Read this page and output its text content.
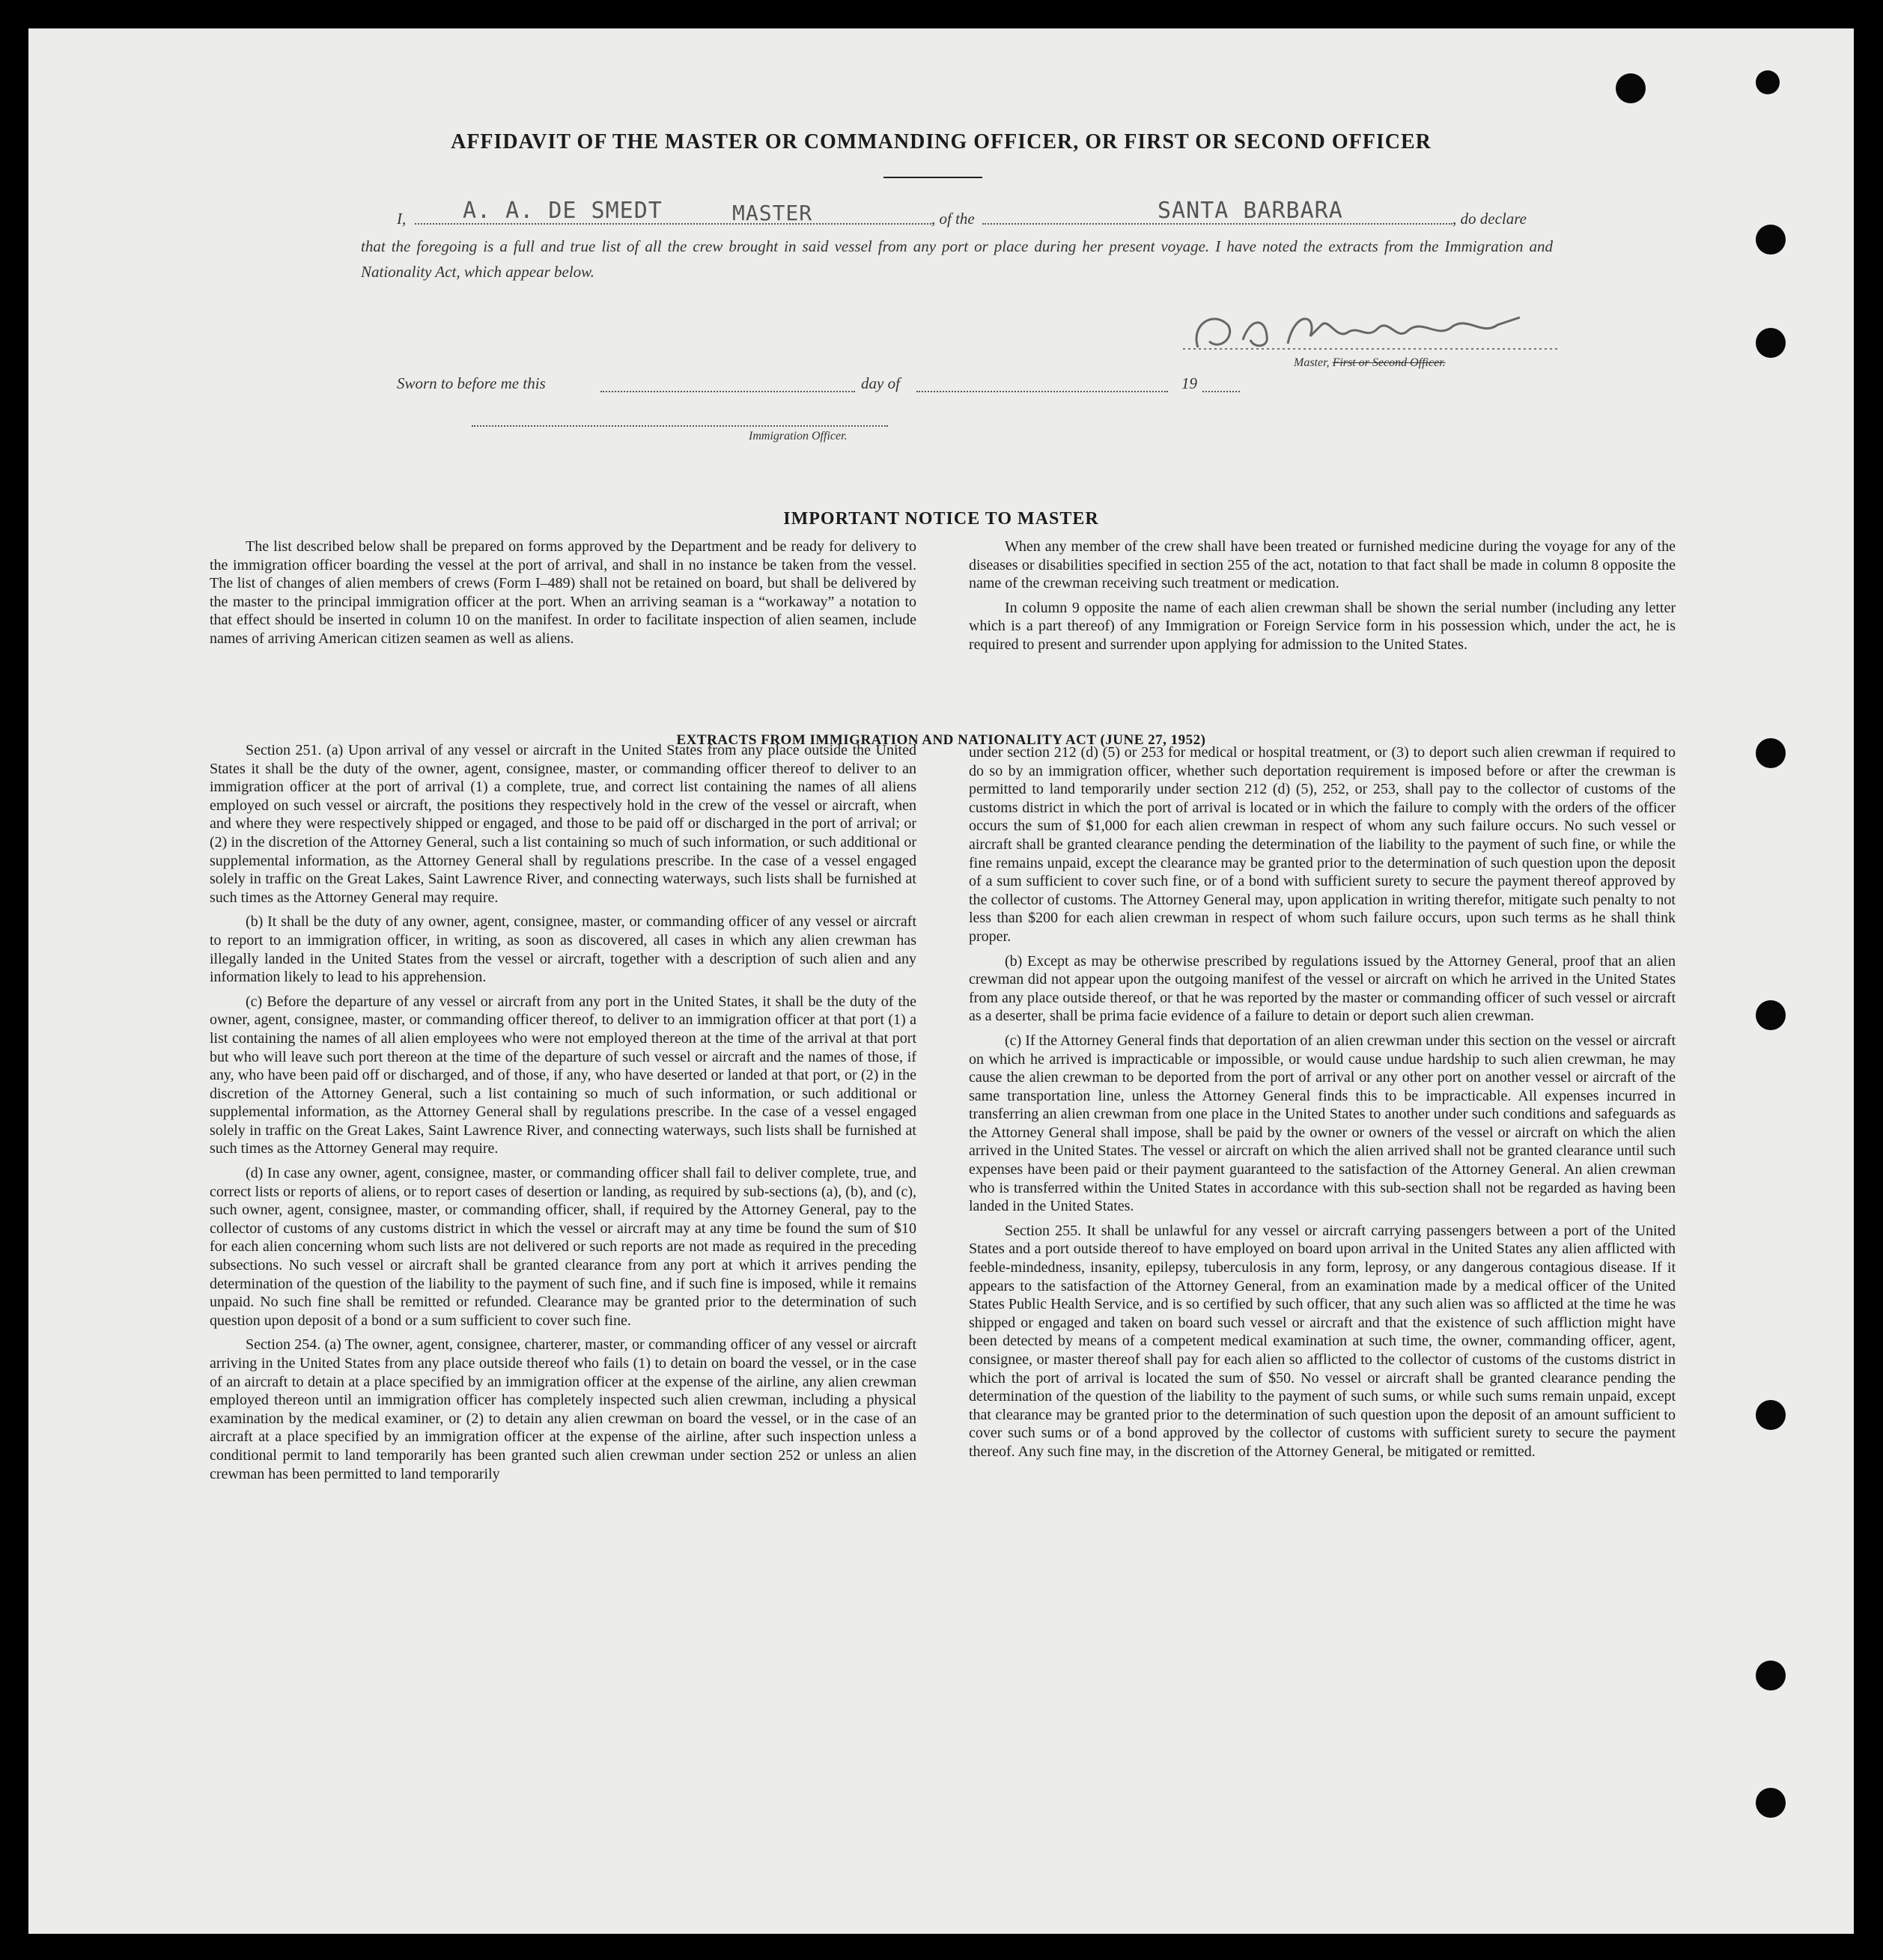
AFFIDAVIT OF THE MASTER OR COMMANDING OFFICER, OR FIRST OR SECOND OFFICER
I,	A. A. DE SMEDT	MASTER	, of the	SANTA BARBARA	, do declare
that the foregoing is a full and true list of all the crew brought in said vessel from any port or place during her present voyage. I have noted the extracts from the Immigration and Nationality Act, which appear below.
Master, First or Second Officer.
Sworn to before me this	day of	19
Immigration Officer.
IMPORTANT NOTICE TO MASTER

The list described below shall be prepared on forms approved by the Department and be ready for delivery to the immigration officer boarding the vessel at the port of arrival, and shall in no instance be taken from the vessel. The list of changes of alien members of crews (Form I–489) shall not be retained on board, but shall be delivered by the master to the principal immigration officer at the port. When an arriving seaman is a “workaway” a notation to that effect should be inserted in column 10 on the manifest. In order to facilitate inspection of alien seamen, include names of arriving American citizen seamen as well as aliens.

When any member of the crew shall have been treated or furnished medicine during the voyage for any of the diseases or disabilities specified in section 255 of the act, notation to that fact shall be made in column 8 opposite the name of the crewman receiving such treatment or medication.

In column 9 opposite the name of each alien crewman shall be shown the serial number (including any letter which is a part thereof) of any Immigration or Foreign Service form in his possession which, under the act, he is required to present and surrender upon applying for admission to the United States.

EXTRACTS FROM IMMIGRATION AND NATIONALITY ACT (JUNE 27, 1952)

Section 251. (a) Upon arrival of any vessel or aircraft in the United States from any place outside the United States it shall be the duty of the owner, agent, consignee, master, or commanding officer thereof to deliver to an immigration officer at the port of arrival (1) a complete, true, and correct list containing the names of all aliens employed on such vessel or aircraft, the positions they respectively hold in the crew of the vessel or aircraft, when and where they were respectively shipped or engaged, and those to be paid off or discharged in the port of arrival; or (2) in the discretion of the Attorney General, such a list containing so much of such information, or such additional or supplemental information, as the Attorney General shall by regulations prescribe. In the case of a vessel engaged solely in traffic on the Great Lakes, Saint Lawrence River, and connecting waterways, such lists shall be furnished at such times as the Attorney General may require.

(b) It shall be the duty of any owner, agent, consignee, master, or commanding officer of any vessel or aircraft to report to an immigration officer, in writing, as soon as discovered, all cases in which any alien crewman has illegally landed in the United States from the vessel or aircraft, together with a description of such alien and any information likely to lead to his apprehension.

(c) Before the departure of any vessel or aircraft from any port in the United States, it shall be the duty of the owner, agent, consignee, master, or commanding officer thereof, to deliver to an immigration officer at that port (1) a list containing the names of all alien employees who were not employed thereon at the time of the arrival at that port but who will leave such port thereon at the time of the departure of such vessel or aircraft and the names of those, if any, who have been paid off or discharged, and of those, if any, who have deserted or landed at that port, or (2) in the discretion of the Attorney General, such a list containing so much of such information, or such additional or supplemental information, as the Attorney General shall by regulations prescribe. In the case of a vessel engaged solely in traffic on the Great Lakes, Saint Lawrence River, and connecting waterways, such lists shall be furnished at such times as the Attorney General may require.

(d) In case any owner, agent, consignee, master, or commanding officer shall fail to deliver complete, true, and correct lists or reports of aliens, or to report cases of desertion or landing, as required by sub-sections (a), (b), and (c), such owner, agent, consignee, master, or commanding officer, shall, if required by the Attorney General, pay to the collector of customs of any customs district in which the vessel or aircraft may at any time be found the sum of $10 for each alien concerning whom such lists are not delivered or such reports are not made as required in the preceding subsections. No such vessel or aircraft shall be granted clearance from any port at which it arrives pending the determination of the question of the liability to the payment of such fine, and if such fine is imposed, while it remains unpaid. No such fine shall be remitted or refunded. Clearance may be granted prior to the determination of such question upon deposit of a bond or a sum sufficient to cover such fine.

Section 254. (a) The owner, agent, consignee, charterer, master, or commanding officer of any vessel or aircraft arriving in the United States from any place outside thereof who fails (1) to detain on board the vessel, or in the case of an aircraft to detain at a place specified by an immigration officer at the expense of the airline, any alien crewman employed thereon until an immigration officer has completely inspected such alien crewman, including a physical examination by the medical examiner, or (2) to detain any alien crewman on board the vessel, or in the case of an aircraft at a place specified by an immigration officer at the expense of the airline, after such inspection unless a conditional permit to land temporarily has been granted such alien crewman under section 252 or unless an alien crewman has been permitted to land temporarily

under section 212 (d) (5) or 253 for medical or hospital treatment, or (3) to deport such alien crewman if required to do so by an immigration officer, whether such deportation requirement is imposed before or after the crewman is permitted to land temporarily under section 212 (d) (5), 252, or 253, shall pay to the collector of customs of the customs district in which the port of arrival is located or in which the failure to comply with the orders of the officer occurs the sum of $1,000 for each alien crewman in respect of whom any such failure occurs. No such vessel or aircraft shall be granted clearance pending the determination of the liability to the payment of such fine, or while the fine remains unpaid, except the clearance may be granted prior to the determination of such question upon the deposit of a sum sufficient to cover such fine, or of a bond with sufficient surety to secure the payment thereof approved by the collector of customs. The Attorney General may, upon application in writing therefor, mitigate such penalty to not less than $200 for each alien crewman in respect of whom such failure occurs, upon such terms as he shall think proper.

(b) Except as may be otherwise prescribed by regulations issued by the Attorney General, proof that an alien crewman did not appear upon the outgoing manifest of the vessel or aircraft on which he arrived in the United States from any place outside thereof, or that he was reported by the master or commanding officer of such vessel or aircraft as a deserter, shall be prima facie evidence of a failure to detain or deport such alien crewman.

(c) If the Attorney General finds that deportation of an alien crewman under this section on the vessel or aircraft on which he arrived is impracticable or impossible, or would cause undue hardship to such alien crewman, he may cause the alien crewman to be deported from the port of arrival or any other port on another vessel or aircraft of the same transportation line, unless the Attorney General finds this to be impracticable. All expenses incurred in transferring an alien crewman from one place in the United States to another under such conditions and safeguards as the Attorney General shall impose, shall be paid by the owner or owners of the vessel or aircraft on which the alien arrived in the United States. The vessel or aircraft on which the alien arrived shall not be granted clearance until such expenses have been paid or their payment guaranteed to the satisfaction of the Attorney General. An alien crewman who is transferred within the United States in accordance with this sub-section shall not be regarded as having been landed in the United States.

Section 255. It shall be unlawful for any vessel or aircraft carrying passengers between a port of the United States and a port outside thereof to have employed on board upon arrival in the United States any alien afflicted with feeble-mindedness, insanity, epilepsy, tuberculosis in any form, leprosy, or any dangerous contagious disease. If it appears to the satisfaction of the Attorney General, from an examination made by a medical officer of the United States Public Health Service, and is so certified by such officer, that any such alien was so afflicted at the time he was shipped or engaged and taken on board such vessel or aircraft and that the existence of such affliction might have been detected by means of a competent medical examination at such time, the owner, commanding officer, agent, consignee, or master thereof shall pay for each alien so afflicted to the collector of customs of the customs district in which the port of arrival is located the sum of $50. No vessel or aircraft shall be granted clearance pending the determination of the question of the liability to the payment of such sums, or while such sums remain unpaid, except that clearance may be granted prior to the determination of such question upon the deposit of an amount sufficient to cover such sums or of a bond approved by the collector of customs with sufficient surety to secure the payment thereof. Any such fine may, in the discretion of the Attorney General, be mitigated or remitted.
